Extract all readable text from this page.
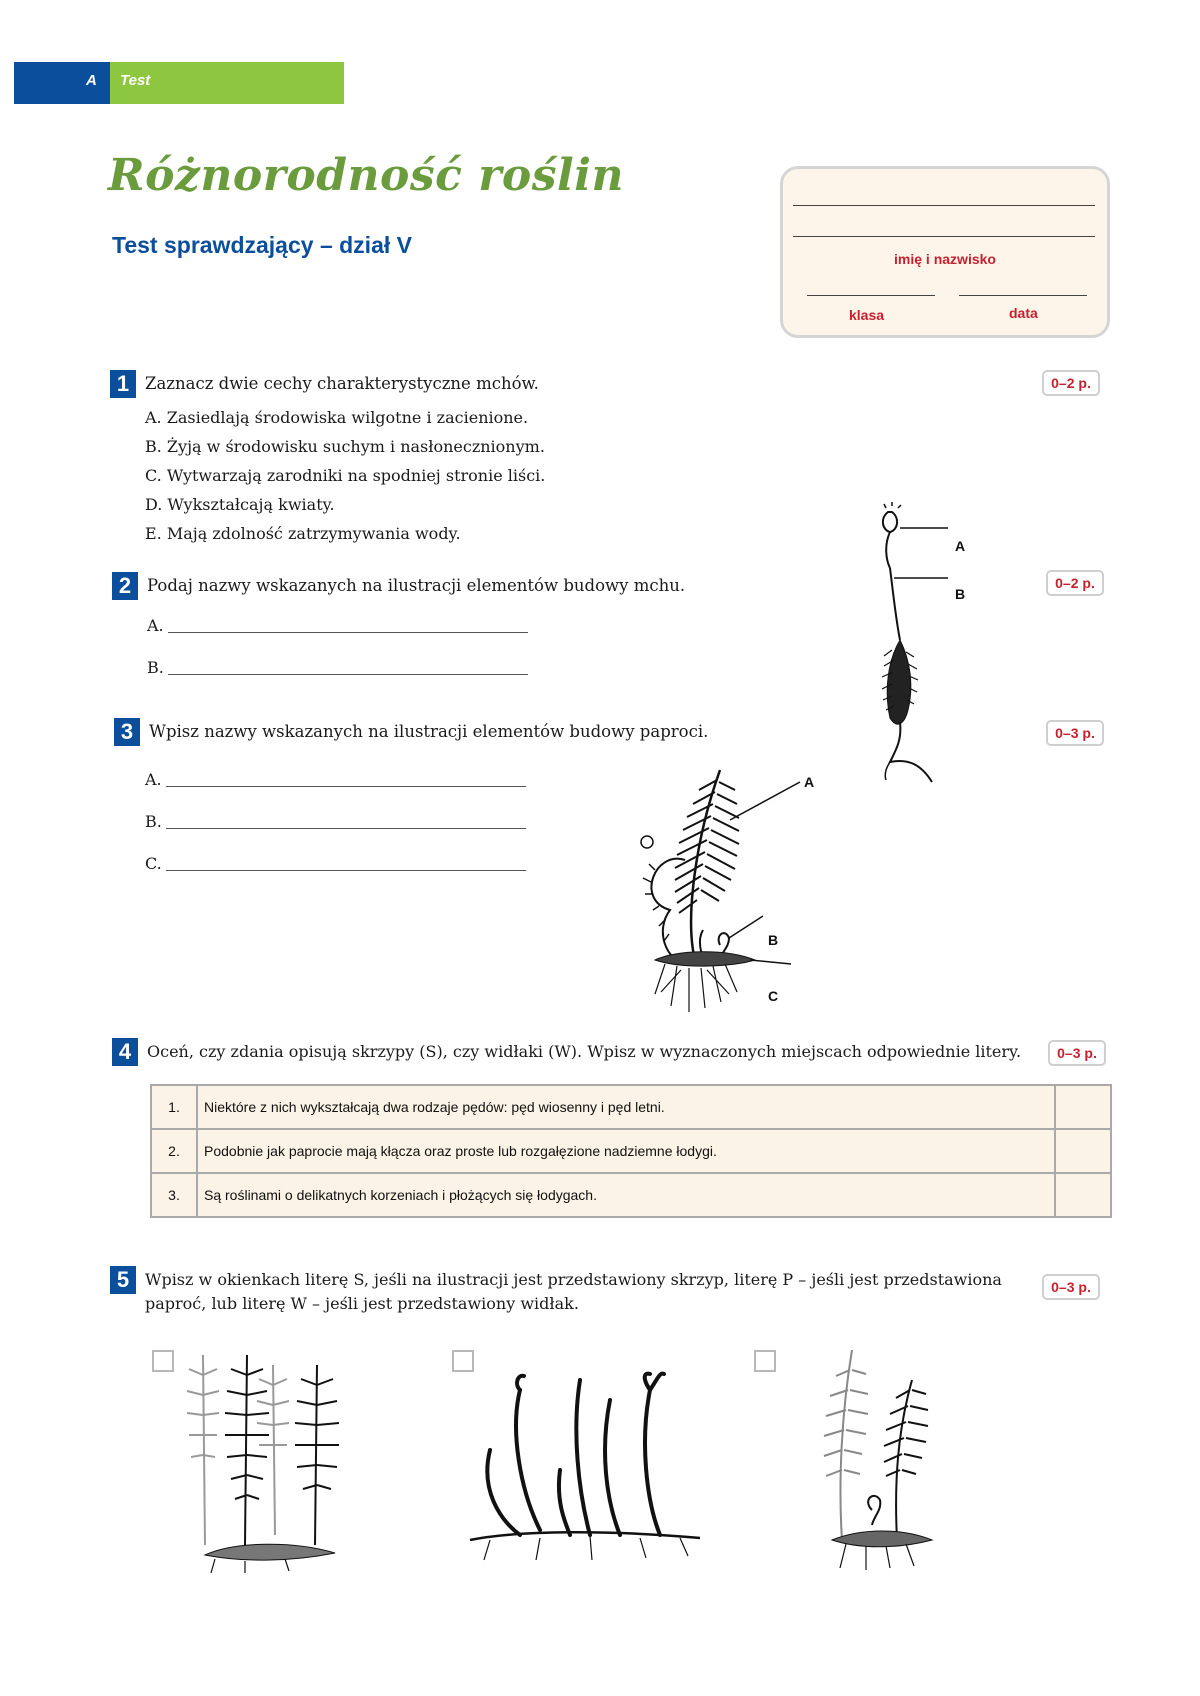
A Test
Różnorodność roślin
Test sprawdzający – dział V
imię i nazwisko
klasa	data
1 Zaznacz dwie cechy charakterystyczne mchów.	0–2 p.
A. Zasiedlają środowiska wilgotne i zacienione.
B. Żyją w środowisku suchym i nasłonecznionym.
C. Wytwarzają zarodniki na spodniej stronie liści.
D. Wykształcają kwiaty.
E. Mają zdolność zatrzymywania wody.
2 Podaj nazwy wskazanych na ilustracji elementów budowy mchu.	0–2 p.
A.
B.
A
B
3 Wpisz nazwy wskazanych na ilustracji elementów budowy paproci.	0–3 p.
A.
B.
C.
A
B
C
4 Oceń, czy zdania opisują skrzypy (S), czy widłaki (W). Wpisz w wyznaczonych miejscach odpowiednie litery.	0–3 p.
1.	Niektóre z nich wykształcają dwa rodzaje pędów: pęd wiosenny i pęd letni.	
2.	Podobnie jak paprocie mają kłącza oraz proste lub rozgałęzione nadziemne łodygi.	
3.	Są roślinami o delikatnych korzeniach i płożących się łodygach.	
5 Wpisz w okienkach literę S, jeśli na ilustracji jest przedstawiony skrzyp, literę P – jeśli jest przedstawiona
paproć, lub literę W – jeśli jest przedstawiony widłak.
0–3 p.
